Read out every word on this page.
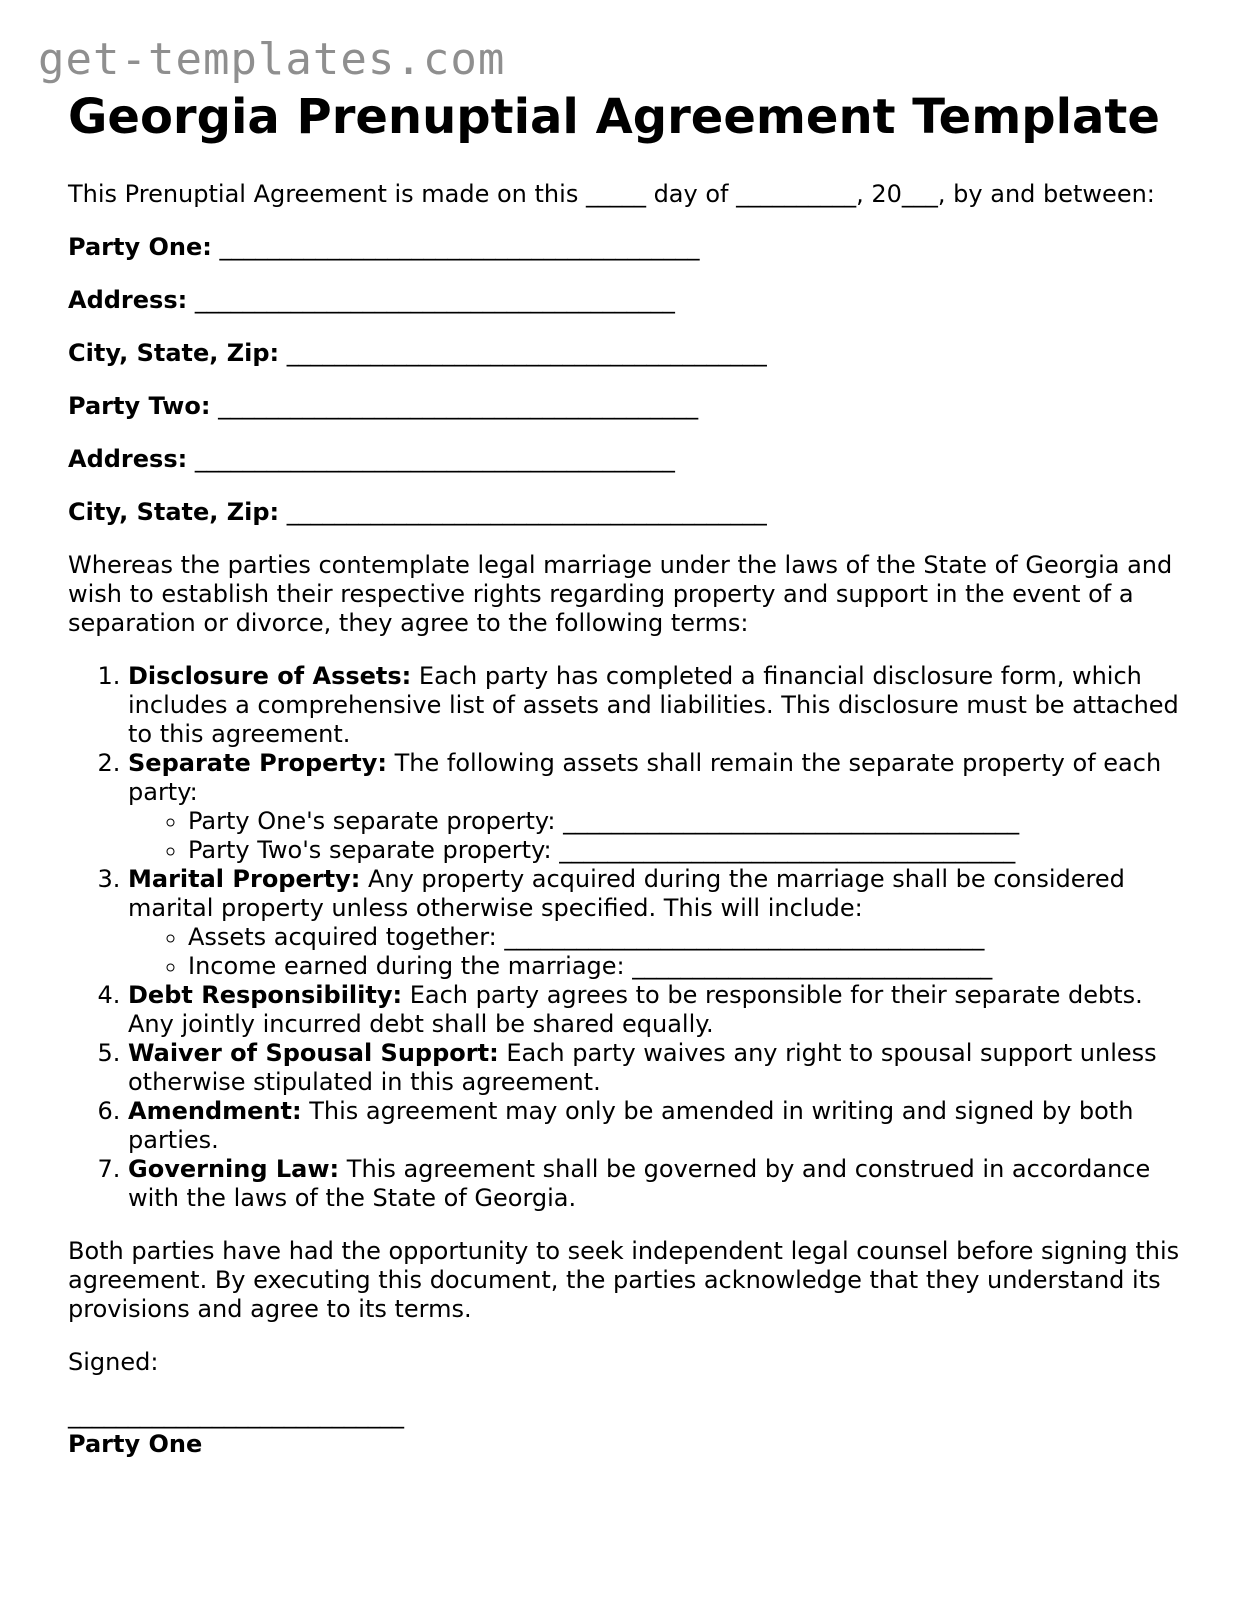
get-templates.com
Georgia Prenuptial Agreement Template

This Prenuptial Agreement is made on this _____ day of __________, 20___, by and between:

Party One: ________________________________________

Address: ________________________________________

City, State, Zip: ________________________________________

Party Two: ________________________________________

Address: ________________________________________

City, State, Zip: ________________________________________

Whereas the parties contemplate legal marriage under the laws of the State of Georgia and wish to establish their respective rights regarding property and support in the event of a separation or divorce, they agree to the following terms:

1. Disclosure of Assets: Each party has completed a financial disclosure form, which includes a comprehensive list of assets and liabilities. This disclosure must be attached to this agreement.
2. Separate Property: The following assets shall remain the separate property of each party:
◦ Party One's separate property: ______________________________________
◦ Party Two's separate property: ______________________________________
3. Marital Property: Any property acquired during the marriage shall be considered marital property unless otherwise specified. This will include:
◦ Assets acquired together: ________________________________________
◦ Income earned during the marriage: ______________________________
4. Debt Responsibility: Each party agrees to be responsible for their separate debts. Any jointly incurred debt shall be shared equally.
5. Waiver of Spousal Support: Each party waives any right to spousal support unless otherwise stipulated in this agreement.
6. Amendment: This agreement may only be amended in writing and signed by both parties.
7. Governing Law: This agreement shall be governed by and construed in accordance with the laws of the State of Georgia.

Both parties have had the opportunity to seek independent legal counsel before signing this agreement. By executing this document, the parties acknowledge that they understand its provisions and agree to its terms.

Signed:

____________________________

Party One
